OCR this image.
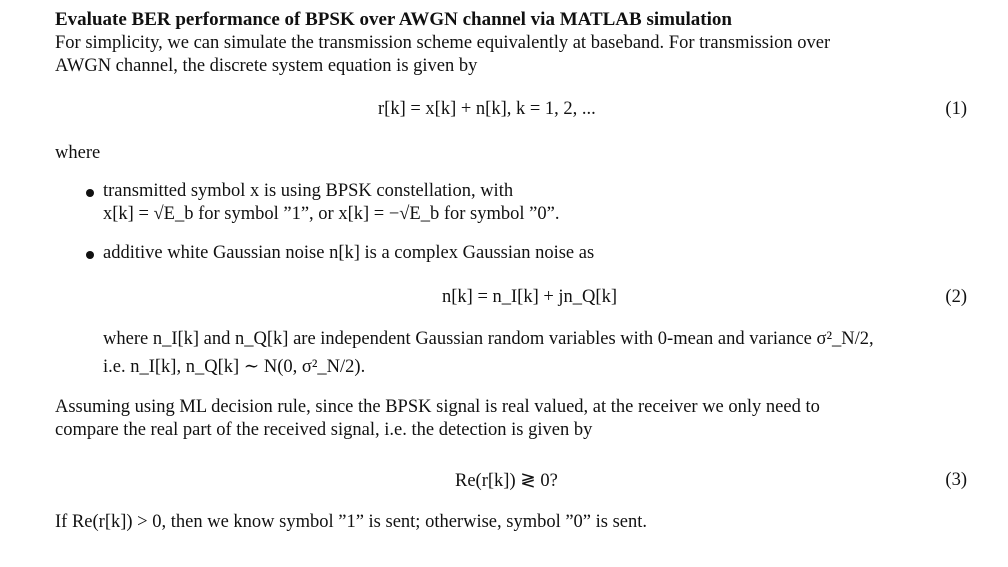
Evaluate BER performance of BPSK over AWGN channel via MATLAB simulation
For simplicity, we can simulate the transmission scheme equivalently at baseband. For transmission over
AWGN channel, the discrete system equation is given by
r[k] = x[k] + n[k], k = 1, 2, ...	(1)
where
transmitted symbol x is using BPSK constellation, with
x[k] = √E_b for symbol ”1”, or x[k] = −√E_b for symbol ”0”.
additive white Gaussian noise n[k] is a complex Gaussian noise as
n[k] = n_I[k] + jn_Q[k]	(2)
where n_I[k] and n_Q[k] are independent Gaussian random variables with 0-mean and variance σ²_N/2,
i.e. n_I[k], n_Q[k] ∼ N(0, σ²_N/2).
Assuming using ML decision rule, since the BPSK signal is real valued, at the receiver we only need to
compare the real part of the received signal, i.e. the detection is given by
Re(r[k]) ≷ 0?	(3)
If Re(r[k]) > 0, then we know symbol ”1” is sent; otherwise, symbol ”0” is sent.
